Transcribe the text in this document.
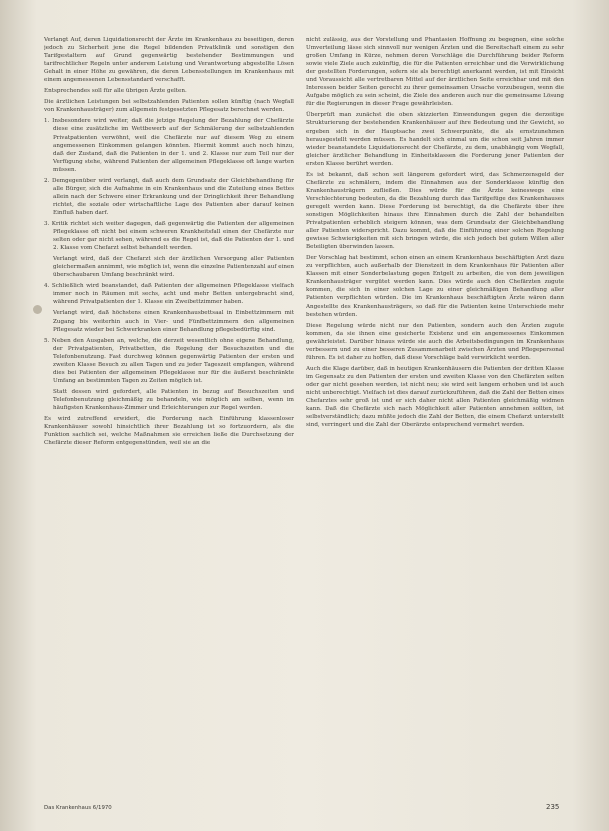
Verlangt Auf, deren Liquidationsrecht der Ärzte im Krankenhaus zu beseitigen, deren jedoch zu Sicherheit jene die Regel bildenden Privatklinik und sonstigen den Tarifgestaltern auf Grund gegenwärtig bestehender Bestimmungen und tarifrechtlicher Regeln unter anderem Leistung und Verantwortung abgestellte Lösen Gehalt in einer Höhe zu gewähren, die deren Lebensstellungen im Krankenhaus mit einem angemessenen Lebensstandard verschafft.

Entsprechendes soll für alle übrigen Ärzte gelten.

Die ärztlichen Leistungen bei selbstzahlenden Patienten sollen künftig (nach Wegfall von Krankenhausträger) zum allgemein festgesetzten Pflegesatz berechnet werden.

1. Insbesondere wird weiter, daß die jetzige Regelung der Bezahlung der Chefärzte diese eine zusätzliche im Wettbewerb auf der Schmälerung der selbstzahlenden Privatpatienten verwöhnt, weil die Chefärzte nur auf diesem Weg zu einem angemessenen Einkommen gelangen könnten. Hiermit kommt auch noch hinzu, daß der Zustand, daß die Patienten in der 1. und 2. Klasse nur zum Teil nur der Verfügung stehe, während Patienten der allgemeinen Pflegeklasse oft lange warten müssen.

2. Demgegenüber wird verlangt, daß auch dem Grundsatz der Gleichbehandlung für alle Bürger, sich die Aufnahme in ein Krankenhaus und die Zuteilung eines Bettes allein nach der Schwere einer Erkrankung und der Dringlichkeit ihrer Behandlung richtet, die soziale oder wirtschaftliche Lage des Patienten aber darauf keinen Einfluß haben darf.

3. Kritik richtet sich weiter dagegen, daß gegenwärtig die Patienten der allgemeinen Pflegeklasse oft nicht bei einem schweren Krankheitsfall einen der Chefärzte nur selten oder gar nicht sehen, während es die Regel ist, daß die Patienten der 1. und 2. Klasse vom Chefarzt selbst behandelt werden.

Verlangt wird, daß der Chefarzt sich der ärztlichen Versorgung aller Patienten gleichermaßen annimmt, wie möglich ist, wenn die einzelne Patientenzahl auf einen überschaubaren Umfang beschränkt wird.

4. Schließlich wird beanstandet, daß Patienten der allgemeinen Pflegeklasse vielfach immer noch in Räumen mit sechs, acht und mehr Betten untergebracht sind, während Privatpatienten der 1. Klasse ein Zweibettzimmer haben.

Verlangt wird, daß höchstens einen Krankenhausbettsaal in Einbettzimmern mit Zugang bis weiterhin auch in Vier- und Fünfbettzimmern den allgemeinen Pflegesatz wieder bei Schwerkranken einer Behandlung pflegebedürftig sind.

5. Neben den Ausgaben an, welche, die derzeit wesentlich ohne eigene Behandlung, der Privatpatienten, Privatbetten, die Regelung der Besuchszeiten und die Telefonbenutzung. Fast durchweg können gegenwärtig Patienten der ersten und zweiten Klasse Besuch zu allen Tagen und zu jeder Tageszeit empfangen, während dies bei Patienten der allgemeinen Pflegeklasse nur für die äußerst beschränkte Umfang an bestimmten Tagen zu Zeiten möglich ist.

Statt dessen wird gefordert, alle Patienten in bezug auf Besuchszeiten und Telefonbenutzung gleichmäßig zu behandeln, wie möglich am selben, wenn im häufigsten Krankenhaus-Zimmer und Erleichterungen zur Regel werden.

Es wird zutreffend erwidert, die Forderung nach Einführung klassenloser Krankenhäuser sowohl hinsichtlich ihrer Bezahlung ist so fortzuordern, als die Funktion sachlich sei, welche Maßnahmen sie erreichen ließe die Durchsetzung der Chefärzte dieser Reform entgegenstünden, weil sie an die

nicht zulässig, aus der Vorstellung und Phantasien Hoffnung zu begegnen, eine solche Umverteilung lässe sich sinnvoll nur wenigen Ärzten und die Bereitschaft einem zu sehr großen Umfang in Kürze, nehmen deren Vorschläge die Durchführung beider Reform sowie viele Ziele auch zukünftig, die für die Patienten erreichbar und die Verwirklichung der gestellten Forderungen, sofern sie als berechtigt anerkannt werden, ist mit Einsicht und Voraussicht alle vertretbaren Mittel auf der ärztlichen Seite erreichbar und mit den Interessen beider Seiten gerecht zu ihrer gemeinsamen Ursache vorzubeugen, wenn die Aufgabe möglich zu sein scheint, die Ziele des anderen auch nur die gemeinsame Lösung für die Regierungen in dieser Frage gewährleisten.

Überprüft man zunächst die oben skizzierten Einwendungen gegen die derzeitige Strukturierung der bestehenden Krankenhäuser auf ihre Bedeutung und ihr Gewicht, so ergeben sich in der Hauptsache zwei Schwerpunkte, die als ernstzunehmen herausgestellt werden müssen. Es handelt sich einmal um die schon seit Jahren immer wieder beanstandete Liquidationsrecht der Chefärzte, zu dem, unabhängig vom Wegfall, gleicher ärztlicher Behandlung in Einheitsklassen die Forderung jener Patienten der ersten Klasse berührt werden.

Es ist bekannt, daß schon seit längerem gefordert wird, das Schmerzensgeld der Chefärzte zu schmälern, indem die Einnahmen aus der Sonderklasse künftig den Krankenhausträgern zufließen. Dies würde für die Ärzte keineswegs eine Verschlechterung bedeuten, da die Bezahlung durch das Tarifgefüge des Krankenhauses geregelt werden kann. Diese Forderung ist berechtigt, da die Chefärzte über ihre sonstigen Möglichkeiten hinaus ihre Einnahmen durch die Zahl der behandelten Privatpatienten erheblich steigern können, was dem Grundsatz der Gleichbehandlung aller Patienten widerspricht. Dazu kommt, daß die Einführung einer solchen Regelung gewisse Schwierigkeiten mit sich bringen würde, die sich jedoch bei gutem Willen aller Beteiligten überwinden lassen.

Der Vorschlag hat bestimmt, schon einen an einem Krankenhaus beschäftigten Arzt dazu zu verpflichten, auch außerhalb der Dienstzeit in dem Krankenhaus für Patienten aller Klassen mit einer Sonderbelastung gegen Entgelt zu arbeiten, die von dem jeweiligen Krankenhausträger vergütet werden kann. Dies würde auch den Chefärzten zugute kommen, die sich in einer solchen Lage zu einer gleichmäßigen Behandlung aller Patienten verpflichten würden. Die im Krankenhaus beschäftigten Ärzte wären dann Angestellte des Krankenhausträgers, so daß für die Patienten keine Unterschiede mehr bestehen würden.

Diese Regelung würde nicht nur den Patienten, sondern auch den Ärzten zugute kommen, da sie ihnen eine gesicherte Existenz und ein angemessenes Einkommen gewährleistet. Darüber hinaus würde sie auch die Arbeitsbedingungen im Krankenhaus verbessern und zu einer besseren Zusammenarbeit zwischen Ärzten und Pflegepersonal führen. Es ist daher zu hoffen, daß diese Vorschläge bald verwirklicht werden.

Auch die Klage darüber, daß in heutigen Krankenhäusern die Patienten der dritten Klasse im Gegensatz zu den Patienten der ersten und zweiten Klasse von den Chefärzten selten oder gar nicht gesehen werden, ist nicht neu; sie wird seit langem erhoben und ist auch nicht unberechtigt. Vielfach ist dies darauf zurückzuführen, daß die Zahl der Betten eines Chefarztes sehr groß ist und er sich daher nicht allen Patienten gleichmäßig widmen kann. Daß die Chefärzte sich nach Möglichkeit aller Patienten annehmen sollten, ist selbstverständlich; dazu müßte jedoch die Zahl der Betten, die einem Chefarzt unterstellt sind, verringert und die Zahl der Oberärzte entsprechend vermehrt werden.

Das Krankenhaus 6/1970	235
